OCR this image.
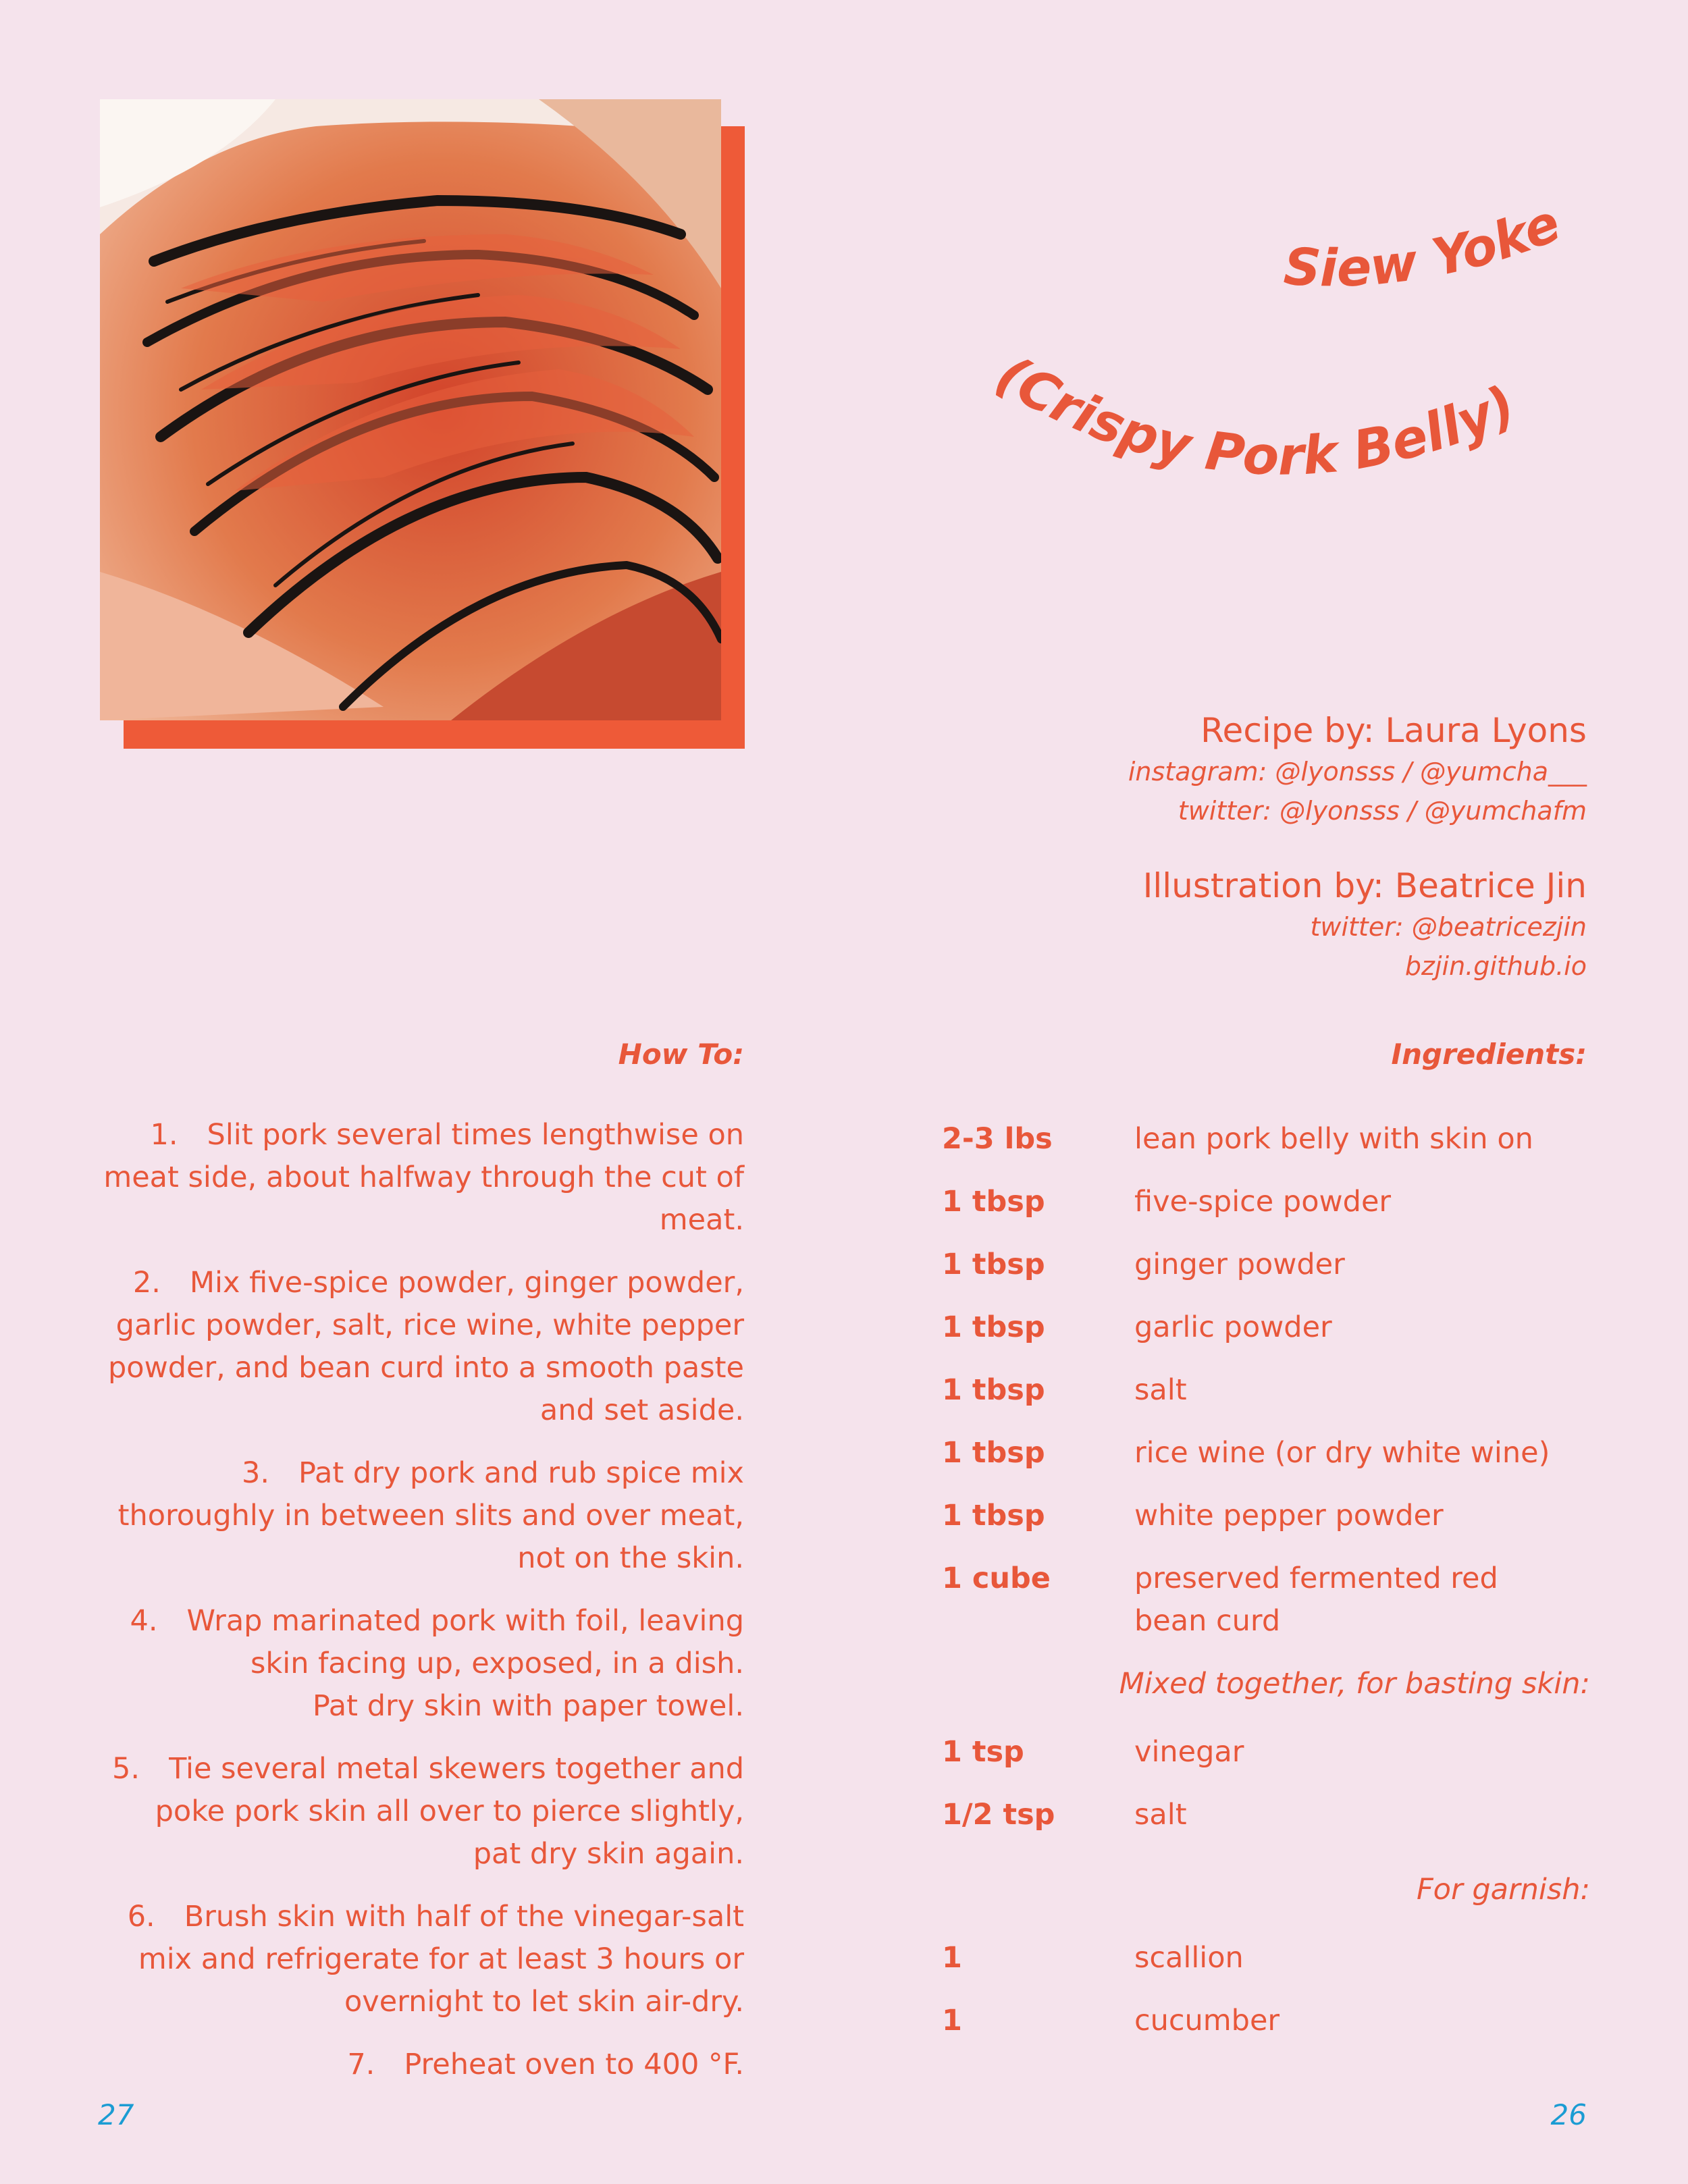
Siew Yoke
(Crispy Pork Belly)
Recipe by: Laura Lyons
instagram: @lyonsss / @yumcha___
twitter: @lyonsss / @yumchafm
Illustration by: Beatrice Jin
twitter: @beatricezjin
bzjin.github.io
How To:
1. Slit pork several times lengthwise on meat side, about halfway through the cut of meat.
2. Mix five-spice powder, ginger powder, garlic powder, salt, rice wine, white pepper powder, and bean curd into a smooth paste and set aside.
3. Pat dry pork and rub spice mix thoroughly in between slits and over meat, not on the skin.
4. Wrap marinated pork with foil, leaving skin facing up, exposed, in a dish.
Pat dry skin with paper towel.
5. Tie several metal skewers together and poke pork skin all over to pierce slightly, pat dry skin again.
6. Brush skin with half of the vinegar-salt mix and refrigerate for at least 3 hours or overnight to let skin air-dry.
7. Preheat oven to 400 °F.
Ingredients:
2-3 lbs	lean pork belly with skin on
1 tbsp	five-spice powder
1 tbsp	ginger powder
1 tbsp	garlic powder
1 tbsp	salt
1 tbsp	rice wine (or dry white wine)
1 tbsp	white pepper powder
1 cube	preserved fermented red bean curd
Mixed together, for basting skin:
1 tsp	vinegar
1/2 tsp	salt
For garnish:
1	scallion
1	cucumber
27	26
